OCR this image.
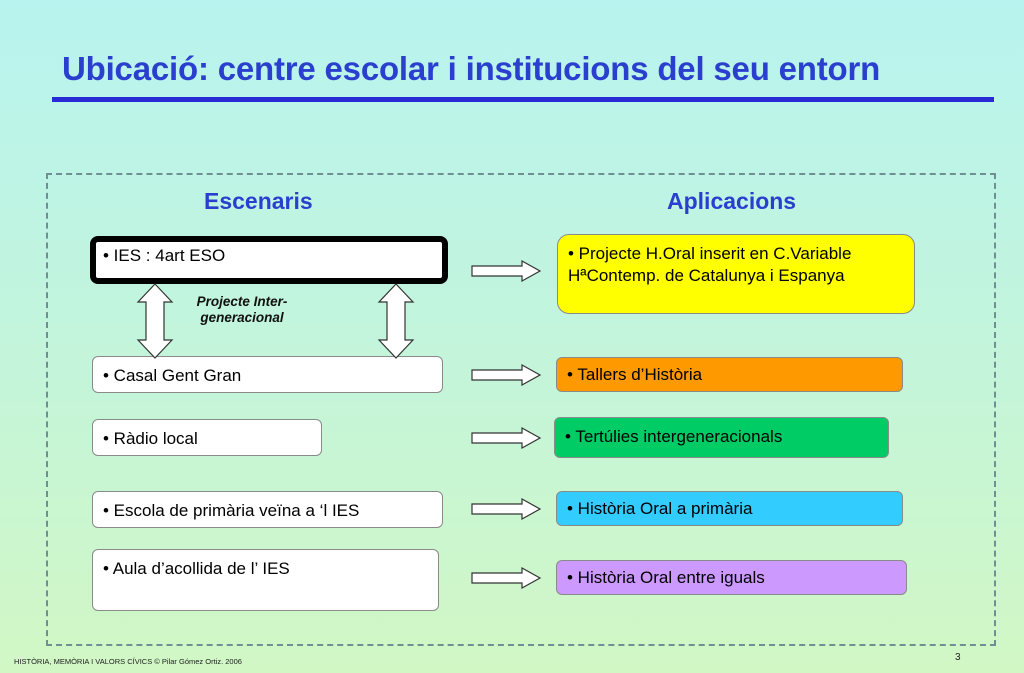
Ubicació: centre escolar i institucions del seu entorn
Escenaris	Aplicacions
• IES : 4art ESO
• Casal Gent Gran
• Ràdio local
• Escola de primària veïna a ‘l IES
• Aula d’acollida de l’ IES
Projecte Inter-generacional
• Projecte H.Oral inserit en C.Variable HªContemp. de Catalunya i Espanya
• Tallers d’Història
• Tertúlies intergeneracionals
• Història Oral a primària
• Història Oral entre iguals
HISTÒRIA, MEMÒRIA I VALORS CÍVICS © Pilar Gómez Ortiz. 2006	3
